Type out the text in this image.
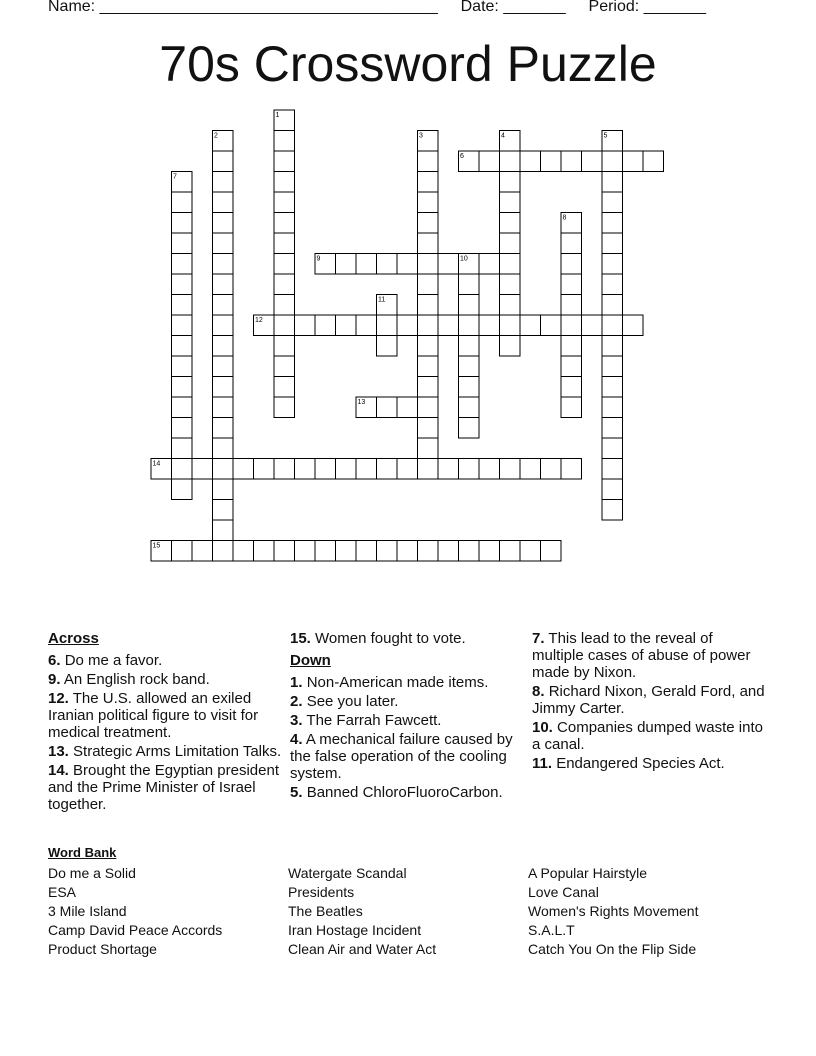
Name: ______________________________________ Date: _______ Period: _______
70s Crossword Puzzle
1
2	3	4	5
6
7
8
9	10
11
12
13
14
15
Across
6. Do me a favor.
9. An English rock band.
12. The U.S. allowed an exiled Iranian political figure to visit for medical treatment.
13. Strategic Arms Limitation Talks.
14. Brought the Egyptian president and the Prime Minister of Israel together.
15. Women fought to vote.
Down
1. Non-American made items.
2. See you later.
3. The Farrah Fawcett.
4. A mechanical failure caused by the false operation of the cooling system.
5. Banned ChloroFluoroCarbon.
7. This lead to the reveal of multiple cases of abuse of power made by Nixon.
8. Richard Nixon, Gerald Ford, and Jimmy Carter.
10. Companies dumped waste into a canal.
11. Endangered Species Act.
Word Bank
Do me a Solid
ESA
3 Mile Island
Camp David Peace Accords
Product Shortage
Watergate Scandal
Presidents
The Beatles
Iran Hostage Incident
Clean Air and Water Act
A Popular Hairstyle
Love Canal
Women's Rights Movement
S.A.L.T
Catch You On the Flip Side
